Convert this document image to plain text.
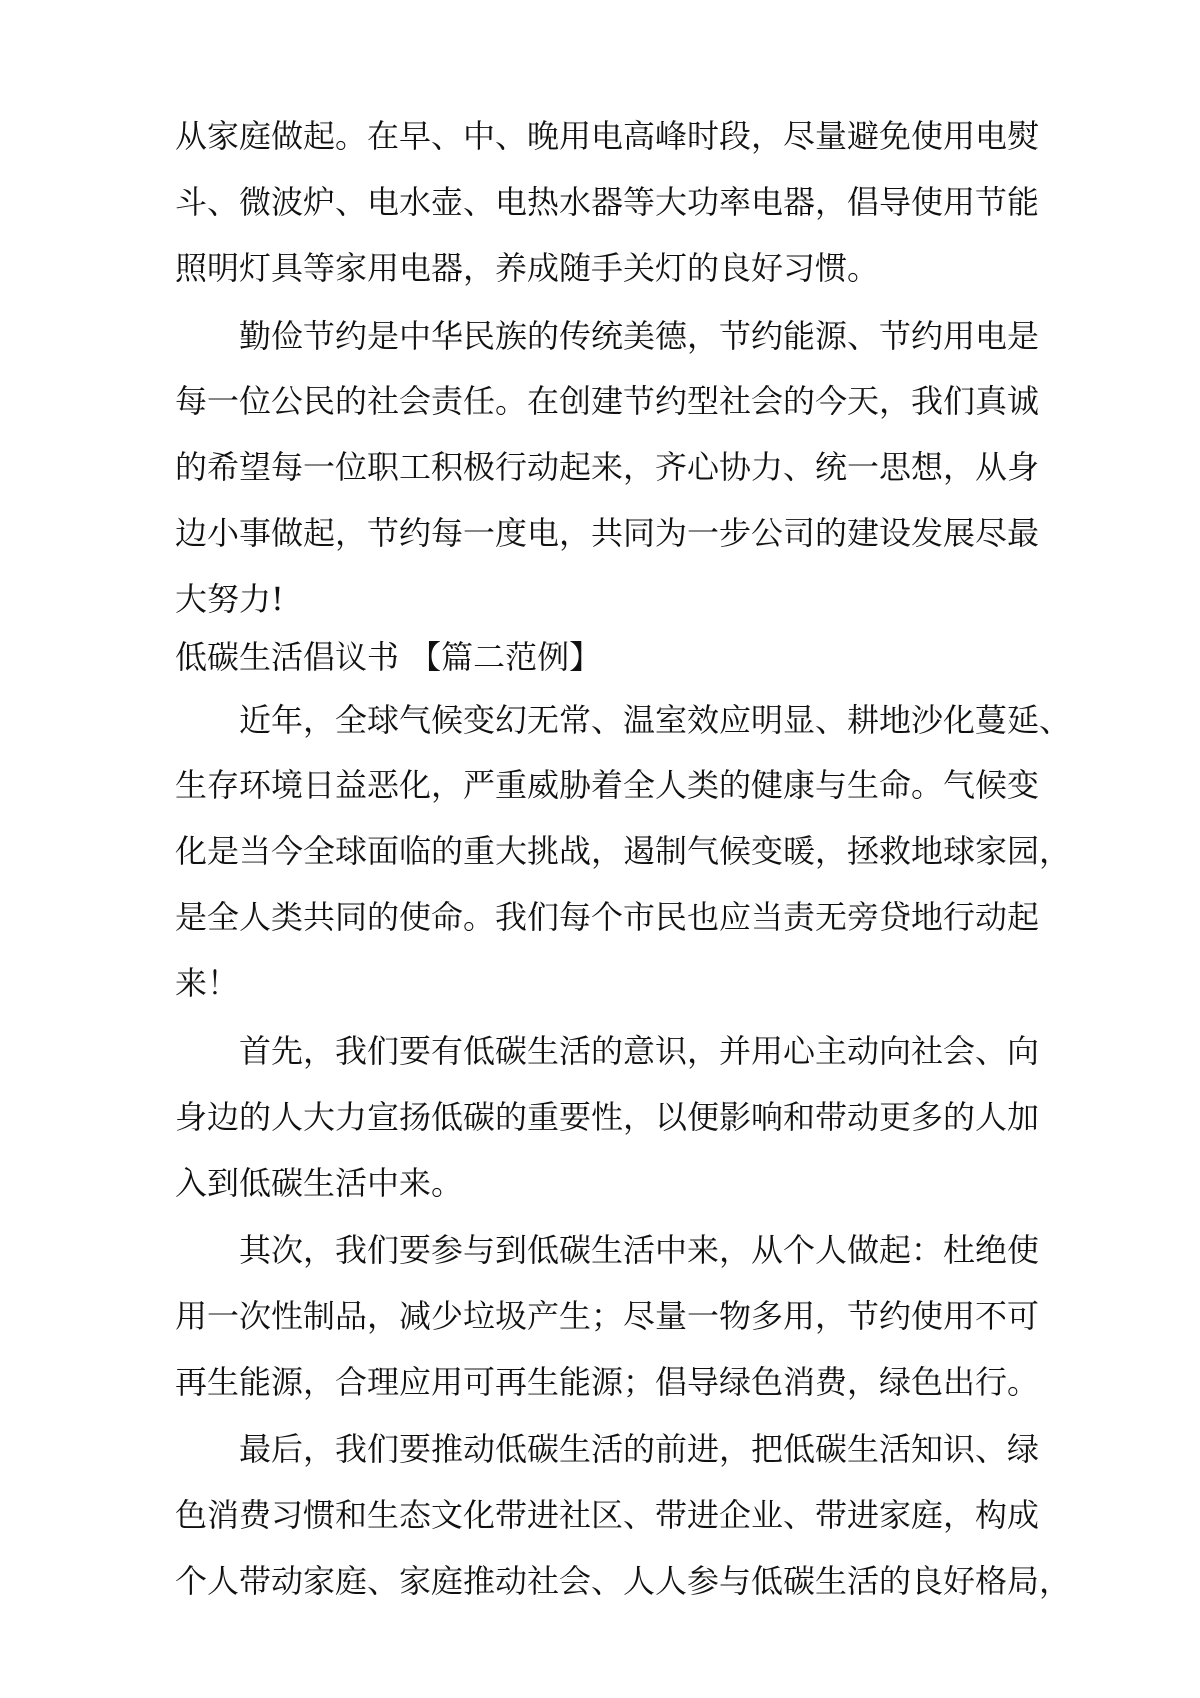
从家庭做起。在早、中、晚用电高峰时段，尽量避免使用电熨
斗、微波炉、电水壶、电热水器等大功率电器，倡导使用节能
照明灯具等家用电器，养成随手关灯的良好习惯。
勤俭节约是中华民族的传统美德，节约能源、节约用电是
每一位公民的社会责任。在创建节约型社会的今天，我们真诚
的希望每一位职工积极行动起来，齐心协力、统一思想，从身
边小事做起，节约每一度电，共同为一步公司的建设发展尽最
大努力!
低碳生活倡议书 【篇二范例】
近年，全球气候变幻无常、温室效应明显、耕地沙化蔓延、
生存环境日益恶化，严重威胁着全人类的健康与生命。气候变
化是当今全球面临的重大挑战，遏制气候变暖，拯救地球家园，
是全人类共同的使命。我们每个市民也应当责无旁贷地行动起
来！
首先，我们要有低碳生活的意识，并用心主动向社会、向
身边的人大力宣扬低碳的重要性，以便影响和带动更多的人加
入到低碳生活中来。
其次，我们要参与到低碳生活中来，从个人做起：杜绝使
用一次性制品，减少垃圾产生；尽量一物多用，节约使用不可
再生能源，合理应用可再生能源；倡导绿色消费，绿色出行。
最后，我们要推动低碳生活的前进，把低碳生活知识、绿
色消费习惯和生态文化带进社区、带进企业、带进家庭，构成
个人带动家庭、家庭推动社会、人人参与低碳生活的良好格局，
